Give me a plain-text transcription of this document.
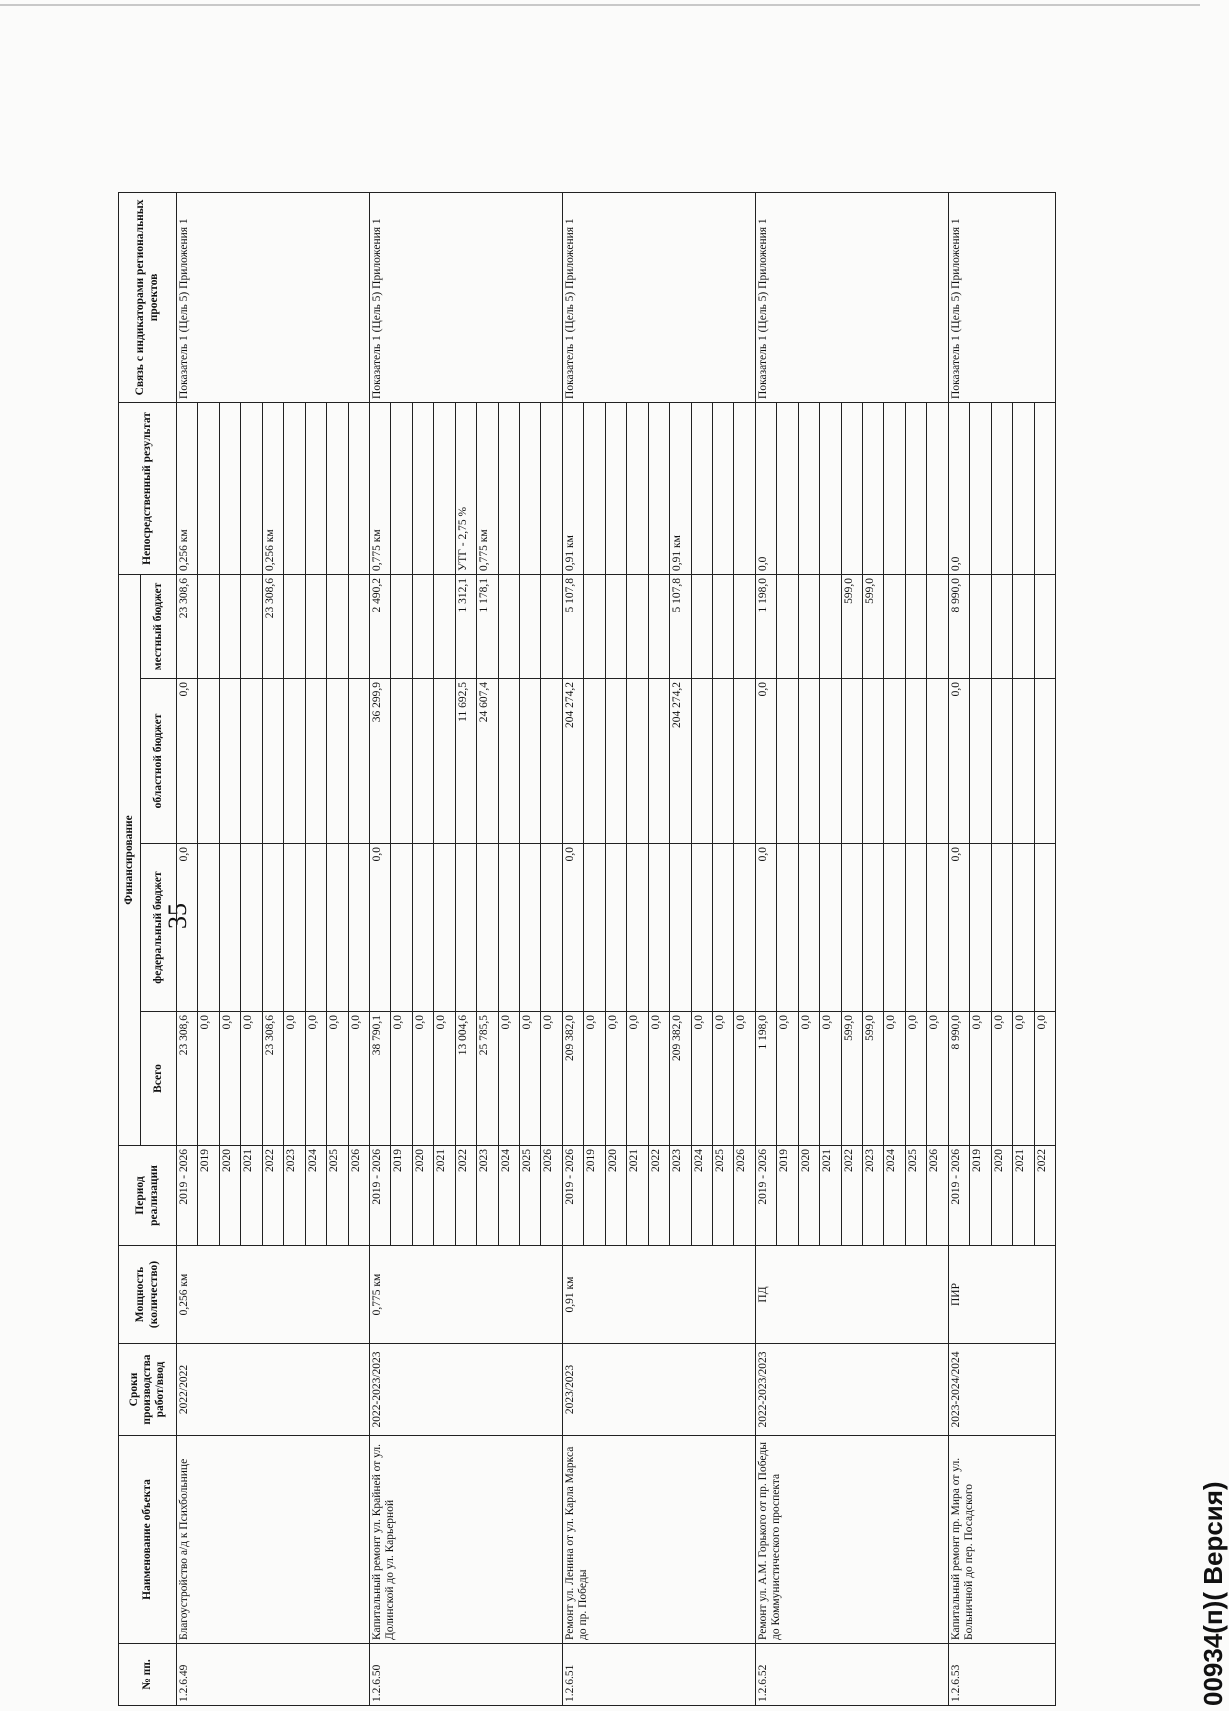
35
№ пп.	Наименование объекта	Сроки производства работ/ввод	Мощность (количество)	Период реализации	Финансирование				Непосредственный результат	Связь с индикаторами региональных проектов
					Всего	федеральный бюджет	областной бюджет	местный бюджет		
1.2.6.49	Благоустройство а/д к Психбольнице	2022/2022	0,256 км	2019 - 2026	23 308,6	0,0	0,0	23 308,6	0,256 км	Показатель 1 (Цель 5) Приложения 1
				2019	0,0					
				2020	0,0					
				2021	0,0					
				2022	23 308,6			23 308,6	0,256 км	
				2023	0,0					
				2024	0,0					
				2025	0,0					
				2026	0,0					
1.2.6.50	Капитальный ремонт ул. Крайней от ул. Долинской до ул. Карьерной	2022-2023/2023	0,775 км	2019 - 2026	38 790,1	0,0	36 299,9	2 490,2	0,775 км	Показатель 1 (Цель 5) Приложения 1
				2019	0,0					
				2020	0,0					
				2021	0,0					
				2022	13 004,6		11 692,5	1 312,1	УТГ - 2,75 %	
				2023	25 785,5		24 607,4	1 178,1	0,775 км	
				2024	0,0					
				2025	0,0					
				2026	0,0					
1.2.6.51	Ремонт ул. Ленина от ул. Карла Маркса до пр. Победы	2023/2023	0,91 км	2019 - 2026	209 382,0	0,0	204 274,2	5 107,8	0,91 км	Показатель 1 (Цель 5) Приложения 1
				2019	0,0					
				2020	0,0					
				2021	0,0					
				2022	0,0					
				2023	209 382,0		204 274,2	5 107,8	0,91 км	
				2024	0,0					
				2025	0,0					
				2026	0,0					
1.2.6.52	Ремонт ул. А.М. Горького от пр. Победы до Коммунистического проспекта	2022-2023/2023	ПД	2019 - 2026	1 198,0	0,0	0,0	1 198,0	0,0	Показатель 1 (Цель 5) Приложения 1
				2019	0,0					
				2020	0,0					
				2021	0,0					
				2022	599,0			599,0		
				2023	599,0			599,0		
				2024	0,0					
				2025	0,0					
				2026	0,0					
1.2.6.53	Капитальный ремонт пр. Мира от ул. Больничной до пер. Посадского	2023-2024/2024	ПИР	2019 - 2026	8 990,0	0,0	0,0	8 990,0	0,0	Показатель 1 (Цель 5) Приложения 1
				2019	0,0					
				2020	0,0					
				2021	0,0					
				2022	0,0					
00934(п)( Версия)
